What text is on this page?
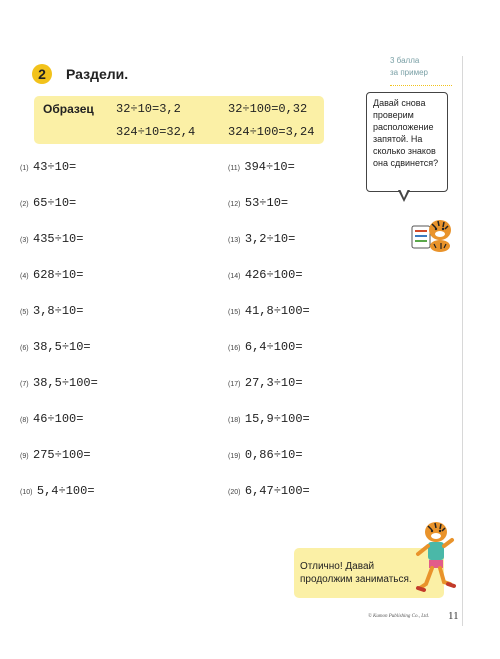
2	Раздели.
3 балла
за пример
Образец 32÷10=3,2	32÷100=0,32
324÷10=32,4	324÷100=3,24
Давай снова проверим расположение запятой. На сколько знаков она сдвинется?
(1) 43÷10=
(2) 65÷10=
(3) 435÷10=
(4) 628÷10=
(5) 3,8÷10=
(6) 38,5÷10=
(7) 38,5÷100=
(8) 46÷100=
(9) 275÷100=
(10) 5,4÷100=
(11) 394÷10=
(12) 53÷10=
(13) 3,2÷10=
(14) 426÷100=
(15) 41,8÷100=
(16) 6,4÷100=
(17) 27,3÷10=
(18) 15,9÷100=
(19) 0,86÷10=
(20) 6,47÷100=
Отлично! Давай
продолжим заниматься.
© Kumon Publishing Co., Ltd. 11
